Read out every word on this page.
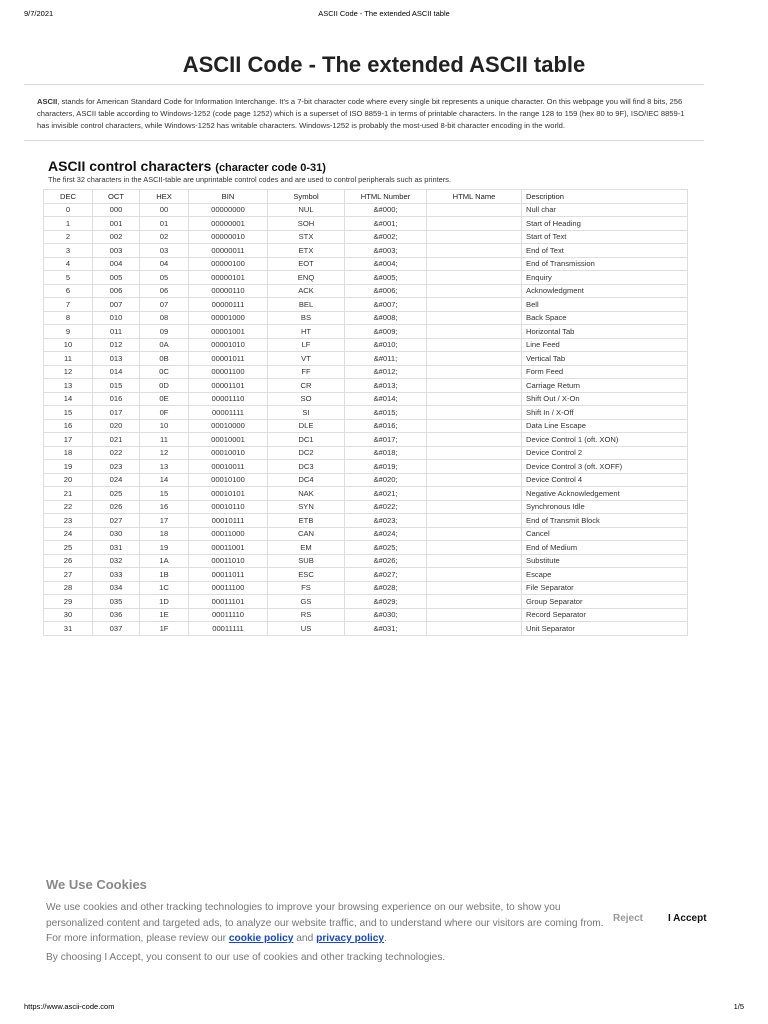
9/7/2021	ASCII Code - The extended ASCII table
ASCII Code - The extended ASCII table

ASCII, stands for American Standard Code for Information Interchange. It's a 7-bit character code where every single bit represents a unique character. On this webpage you will find 8 bits, 256 characters, ASCII table according to Windows-1252 (code page 1252) which is a superset of ISO 8859-1 in terms of printable characters. In the range 128 to 159 (hex 80 to 9F), ISO/IEC 8859-1 has invisible control characters, while Windows-1252 has writable characters. Windows-1252 is probably the most-used 8-bit character encoding in the world.

ASCII control characters (character code 0-31)

The first 32 characters in the ASCII-table are unprintable control codes and are used to control peripherals such as printers.

DEC	OCT	HEX	BIN	Symbol	HTML Number	HTML Name	Description
0	000	00	00000000	NUL	&#000;		Null char
1	001	01	00000001	SOH	&#001;		Start of Heading
2	002	02	00000010	STX	&#002;		Start of Text
3	003	03	00000011	ETX	&#003;		End of Text
4	004	04	00000100	EOT	&#004;		End of Transmission
5	005	05	00000101	ENQ	&#005;		Enquiry
6	006	06	00000110	ACK	&#006;		Acknowledgment
7	007	07	00000111	BEL	&#007;		Bell
8	010	08	00001000	BS	&#008;		Back Space
9	011	09	00001001	HT	&#009;		Horizontal Tab
10	012	0A	00001010	LF	&#010;		Line Feed
11	013	0B	00001011	VT	&#011;		Vertical Tab
12	014	0C	00001100	FF	&#012;		Form Feed
13	015	0D	00001101	CR	&#013;		Carriage Return
14	016	0E	00001110	SO	&#014;		Shift Out / X-On
15	017	0F	00001111	SI	&#015;		Shift In / X-Off
16	020	10	00010000	DLE	&#016;		Data Line Escape
17	021	11	00010001	DC1	&#017;		Device Control 1 (oft. XON)
18	022	12	00010010	DC2	&#018;		Device Control 2
19	023	13	00010011	DC3	&#019;		Device Control 3 (oft. XOFF)
20	024	14	00010100	DC4	&#020;		Device Control 4
21	025	15	00010101	NAK	&#021;		Negative Acknowledgement
22	026	16	00010110	SYN	&#022;		Synchronous Idle
23	027	17	00010111	ETB	&#023;		End of Transmit Block
24	030	18	00011000	CAN	&#024;		Cancel
25	031	19	00011001	EM	&#025;		End of Medium
26	032	1A	00011010	SUB	&#026;		Substitute
27	033	1B	00011011	ESC	&#027;		Escape
28	034	1C	00011100	FS	&#028;		File Separator
29	035	1D	00011101	GS	&#029;		Group Separator
30	036	1E	00011110	RS	&#030;		Record Separator
31	037	1F	00011111	US	&#031;		Unit Separator
We Use Cookies

We use cookies and other tracking technologies to improve your browsing experience on our website, to show you personalized content and targeted ads, to analyze our website traffic, and to understand where our visitors are coming from. For more information, please review our cookie policy and privacy policy.

By choosing I Accept, you consent to our use of cookies and other tracking technologies.

Reject I Accept
https://www.ascii-code.com	1/5
